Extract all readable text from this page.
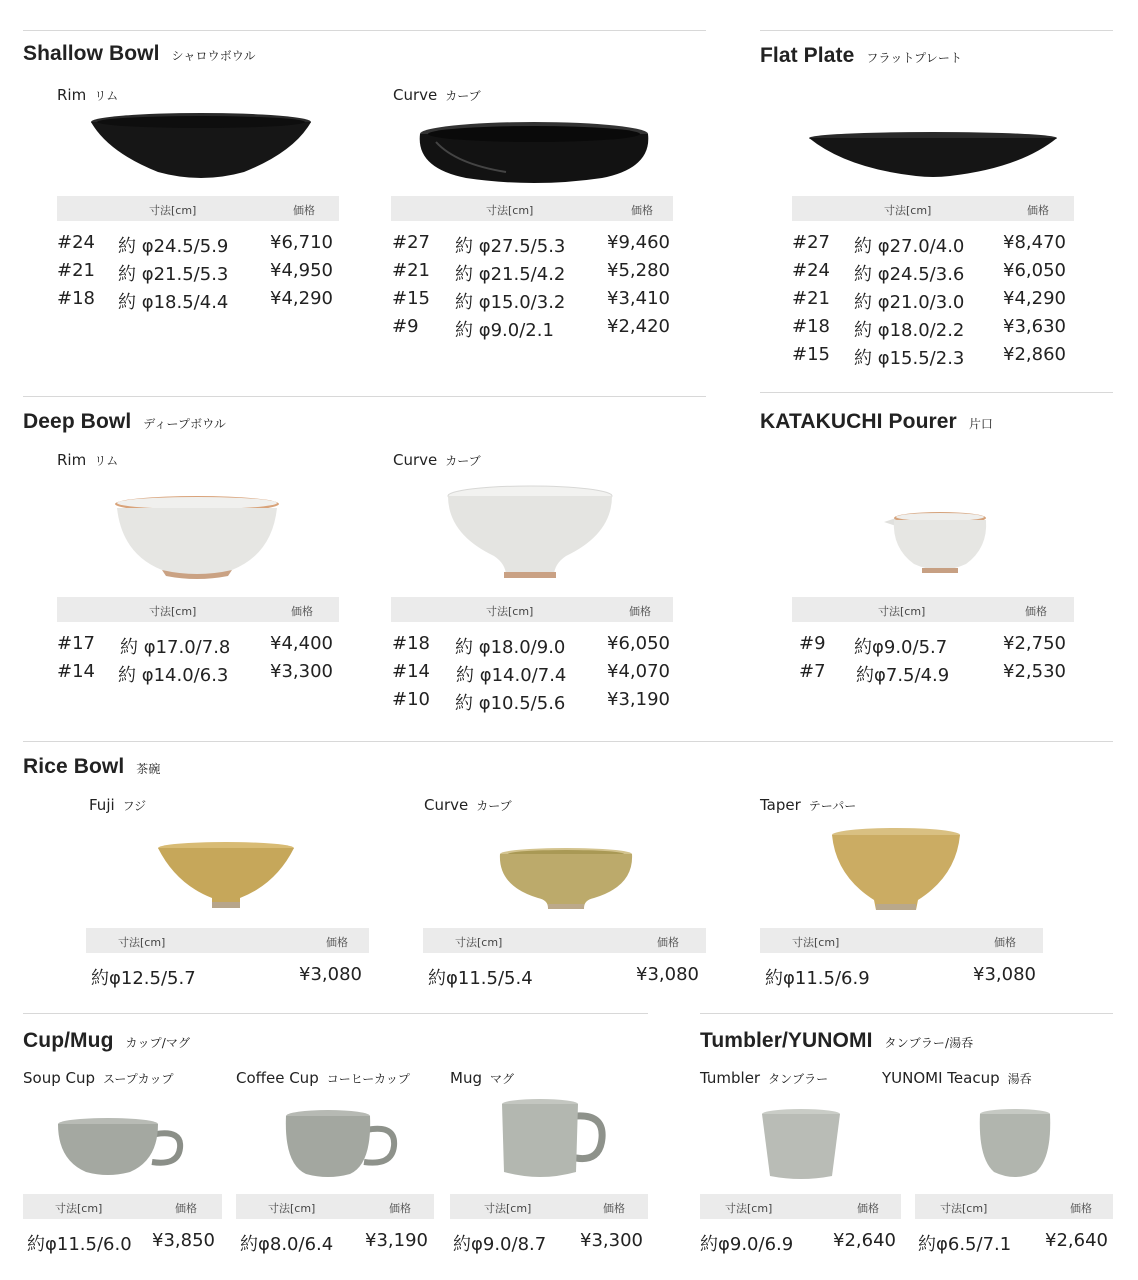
Shallow Bowl シャロウボウル
Rim リム
寸法[cm]	価格
#24 約 φ24.5/5.9 ¥6,710
#21 約 φ21.5/5.3 ¥4,950
#18 約 φ18.5/4.4 ¥4,290
Curve カーブ
寸法[cm]	価格
#27 約 φ27.5/5.3 ¥9,460
#21 約 φ21.5/4.2 ¥5,280
#15 約 φ15.0/3.2 ¥3,410
#9 約 φ9.0/2.1	¥2,420
Flat Plate フラットプレート
寸法[cm]	価格
#27 約 φ27.0/4.0 ¥8,470
#24 約 φ24.5/3.6 ¥6,050
#21 約 φ21.0/3.0 ¥4,290
#18 約 φ18.0/2.2 ¥3,630
#15 約 φ15.5/2.3 ¥2,860
Deep Bowl ディープボウル
Rim リム
寸法[cm]	価格
#17 約 φ17.0/7.8 ¥4,400
#14 約 φ14.0/6.3 ¥3,300
Curve カーブ
寸法[cm]	価格
#18 約 φ18.0/9.0 ¥6,050
#14 約 φ14.0/7.4 ¥4,070
#10 約 φ10.5/5.6 ¥3,190
KATAKUCHI Pourer 片口
寸法[cm]	価格
#9 約φ9.0/5.7	¥2,750
#7 約φ7.5/4.9	¥2,530
Rice Bowl 茶碗
Fuji フジ
寸法[cm]	価格
約φ12.5/5.7	¥3,080
Curve カーブ
寸法[cm]	価格
約φ11.5/5.4	¥3,080
Taper テーパー
寸法[cm]	価格
約φ11.5/6.9	¥3,080
Cup/Mug カップ/マグ
Soup Cup スープカップ
寸法[cm]	価格
約φ11.5/6.0 ¥3,850
Coffee Cup コーヒーカップ
寸法[cm]	価格
約φ8.0/6.4 ¥3,190
Mug マグ
寸法[cm]	価格
約φ9.0/8.7 ¥3,300
Tumbler/YUNOMI タンブラー/湯呑
Tumbler タンブラー
寸法[cm]	価格
約φ9.0/6.9 ¥2,640
YUNOMI Teacup 湯呑
寸法[cm]	価格
約φ6.5/7.1 ¥2,640
